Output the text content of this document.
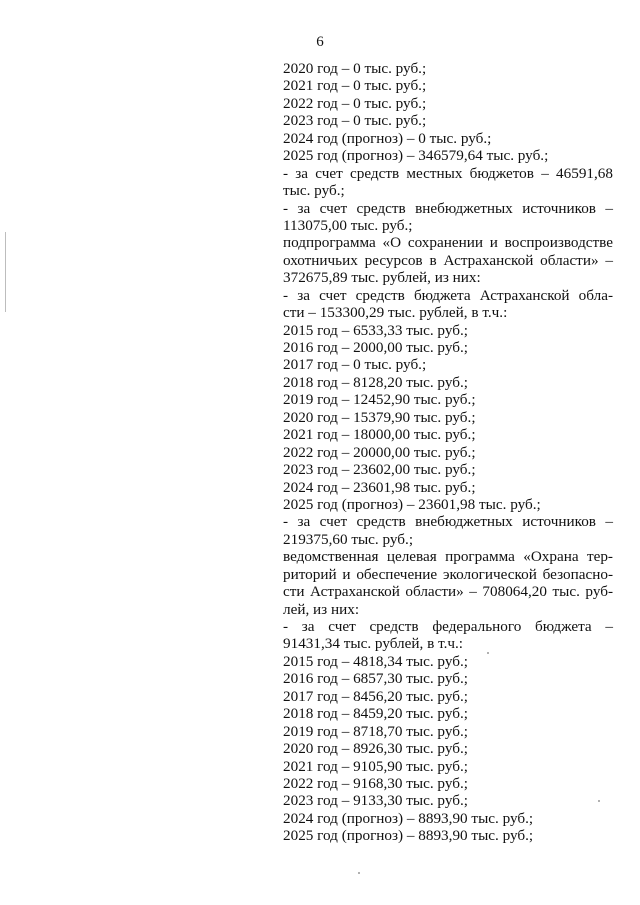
6
2020 год – 0 тыс. руб.;
2021 год – 0 тыс. руб.;
2022 год – 0 тыс. руб.;
2023 год – 0 тыс. руб.;
2024 год (прогноз) – 0 тыс. руб.;
2025 год (прогноз) – 346579,64 тыс. руб.;
- за счет средств местных бюджетов – 46591,68
тыс. руб.;
- за счет средств внебюджетных источников –
113075,00 тыс. руб.;
подпрограмма «О сохранении и воспроизводстве
охотничьих ресурсов в Астраханской области» –
372675,89 тыс. рублей, из них:
- за счет средств бюджета Астраханской обла-
сти – 153300,29 тыс. рублей, в т.ч.:
2015 год – 6533,33 тыс. руб.;
2016 год – 2000,00 тыс. руб.;
2017 год – 0 тыс. руб.;
2018 год – 8128,20 тыс. руб.;
2019 год – 12452,90 тыс. руб.;
2020 год – 15379,90 тыс. руб.;
2021 год – 18000,00 тыс. руб.;
2022 год – 20000,00 тыс. руб.;
2023 год – 23602,00 тыс. руб.;
2024 год – 23601,98 тыс. руб.;
2025 год (прогноз) – 23601,98 тыс. руб.;
- за счет средств внебюджетных источников –
219375,60 тыс. руб.;
ведомственная целевая программа «Охрана тер-
риторий и обеспечение экологической безопасно-
сти Астраханской области» – 708064,20 тыс. руб-
лей, из них:
- за счет средств федерального бюджета –
91431,34 тыс. рублей, в т.ч.:
2015 год – 4818,34 тыс. руб.;
2016 год – 6857,30 тыс. руб.;
2017 год – 8456,20 тыс. руб.;
2018 год – 8459,20 тыс. руб.;
2019 год – 8718,70 тыс. руб.;
2020 год – 8926,30 тыс. руб.;
2021 год – 9105,90 тыс. руб.;
2022 год – 9168,30 тыс. руб.;
2023 год – 9133,30 тыс. руб.;
2024 год (прогноз) – 8893,90 тыс. руб.;
2025 год (прогноз) – 8893,90 тыс. руб.;
